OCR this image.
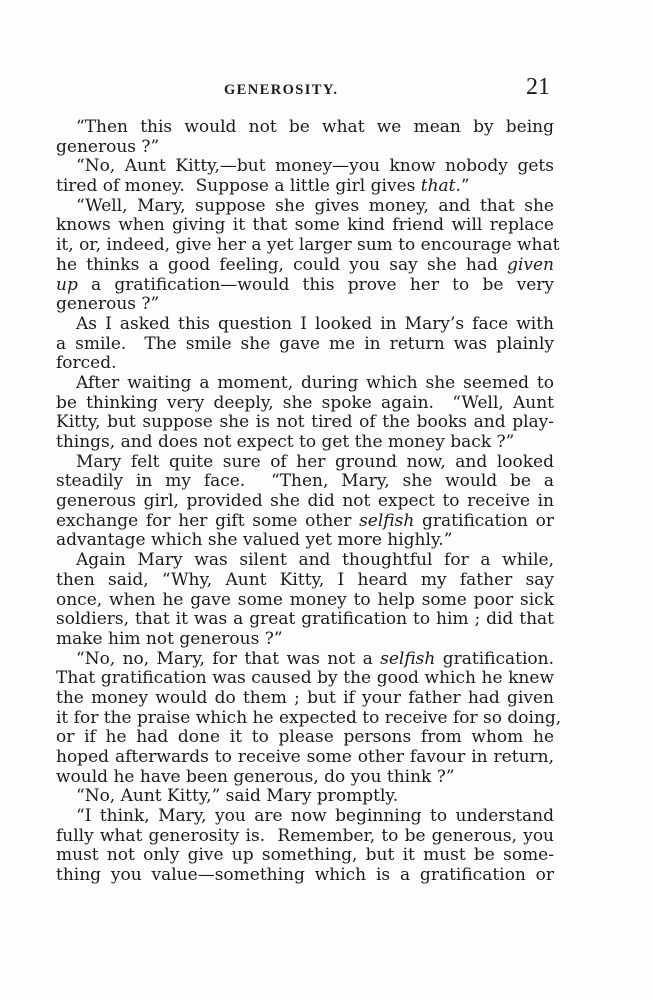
GENEROSITY.	21
“Then this would not be what we mean by being
generous ?”
“No, Aunt Kitty,—but money—you know nobody gets
tired of money.  Suppose a little girl gives that.”
“Well, Mary, suppose she gives money, and that she
knows when giving it that some kind friend will replace
it, or, indeed, give her a yet larger sum to encourage what
he thinks a good feeling, could you say she had given
up a gratification—would this prove her to be very
generous ?”
As I asked this question I looked in Mary’s face with
a smile.  The smile she gave me in return was plainly
forced.
After waiting a moment, during which she seemed to
be thinking very deeply, she spoke again.  “Well, Aunt
Kitty, but suppose she is not tired of the books and play-
things, and does not expect to get the money back ?”
Mary felt quite sure of her ground now, and looked
steadily in my face.  “Then, Mary, she would be a
generous girl, provided she did not expect to receive in
exchange for her gift some other selfish gratification or
advantage which she valued yet more highly.”
Again Mary was silent and thoughtful for a while,
then said, “Why, Aunt Kitty, I heard my father say
once, when he gave some money to help some poor sick
soldiers, that it was a great gratification to him ; did that
make him not generous ?”
“No, no, Mary, for that was not a selfish gratification.
That gratification was caused by the good which he knew
the money would do them ; but if your father had given
it for the praise which he expected to receive for so doing,
or if he had done it to please persons from whom he
hoped afterwards to receive some other favour in return,
would he have been generous, do you think ?”
“No, Aunt Kitty,” said Mary promptly.
“I think, Mary, you are now beginning to understand
fully what generosity is.  Remember, to be generous, you
must not only give up something, but it must be some-
thing you value—something which is a gratification or
